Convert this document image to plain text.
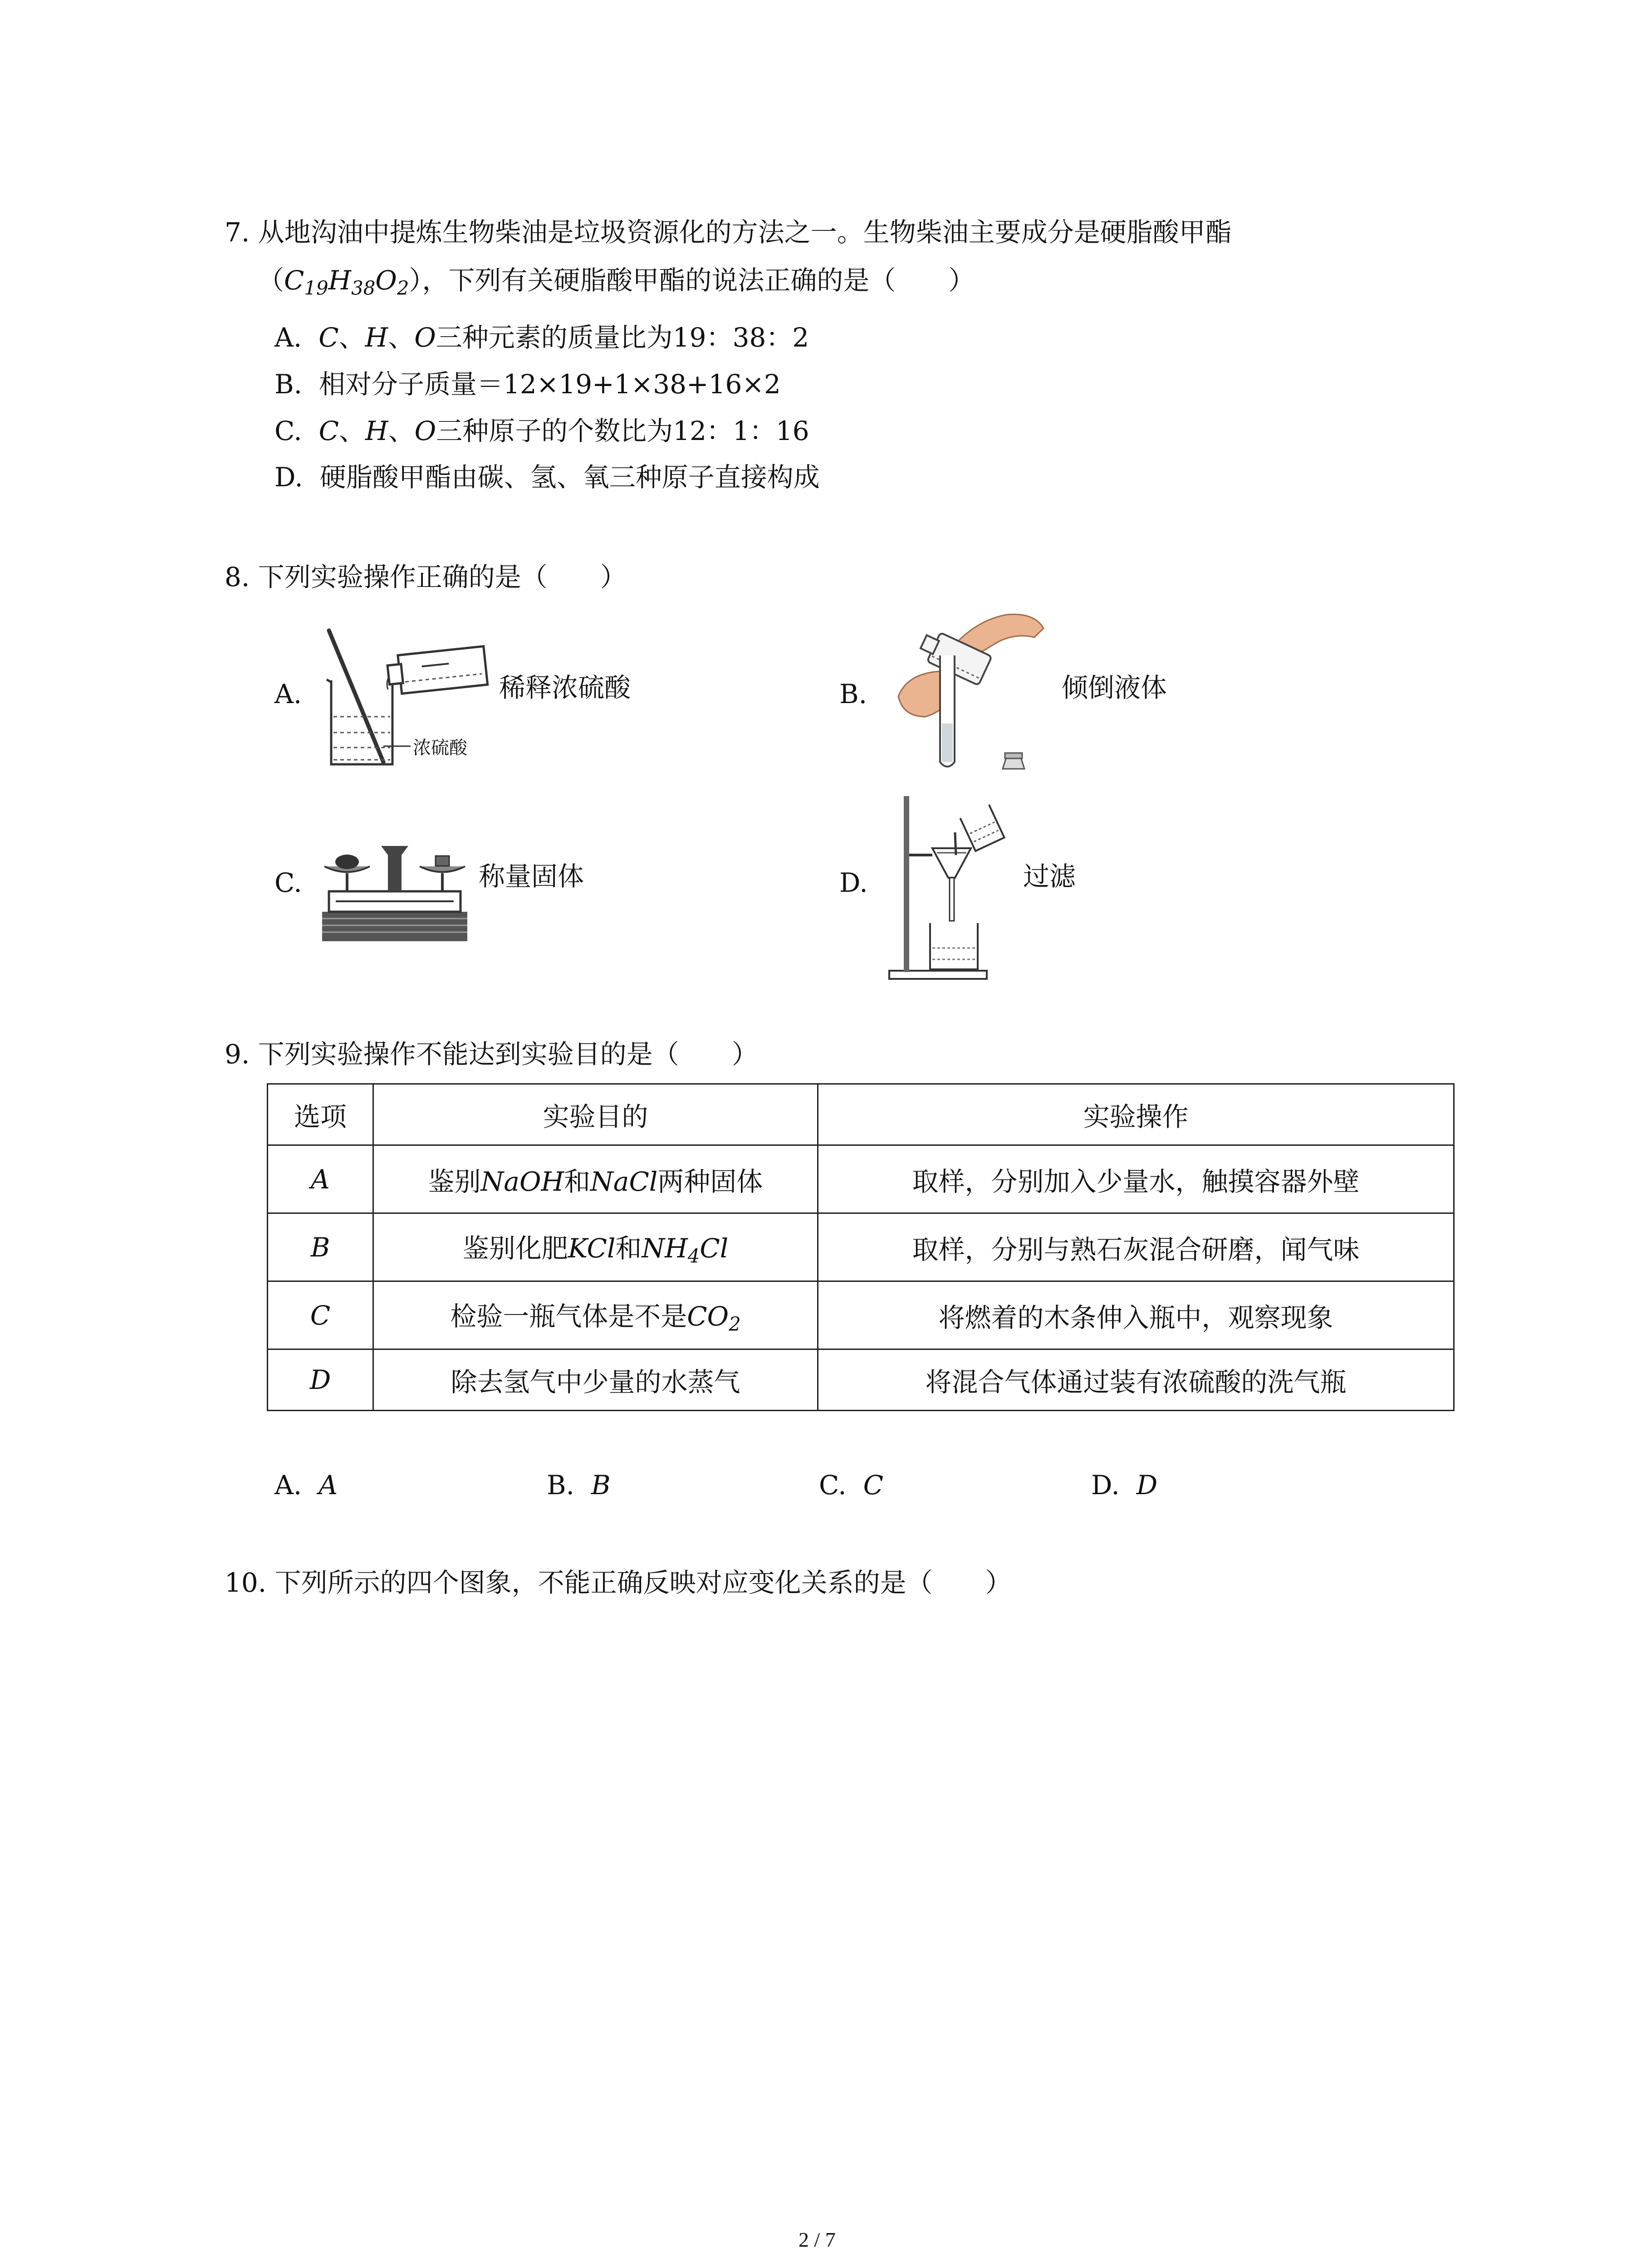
7. 从地沟油中提炼生物柴油是垃圾资源化的方法之一。生物柴油主要成分是硬脂酸甲酯
$(C_{19}H_{38}O_2)$，下列有关硬脂酸甲酯的说法正确的是（　　）
A. C、H、O三种元素的质量比为19：38：2
B. 相对分子质量＝12×19+1×38+16×2
C. C、H、O三种原子的个数比为12：1：16
D. 硬脂酸甲酯由碳、氢、氧三种原子直接构成
8. 下列实验操作正确的是（　　）
A.
浓硫酸
稀释浓硫酸	B.	倾倒液体
C.	称量固体	D.	过滤
9. 下列实验操作不能达到实验目的是（　　）
选项	实验目的	实验操作
A	鉴别NaOH和NaCl两种固体	取样，分别加入少量水，触摸容器外壁
B	鉴别化肥KCl和$NH_4Cl$	取样，分别与熟石灰混合研磨，闻气味
C	检验一瓶气体是不是$CO_2$	将燃着的木条伸入瓶中，观察现象
D	除去氢气中少量的水蒸气	将混合气体通过装有浓硫酸的洗气瓶
A. A	B. B	C. C	D. D
10. 下列所示的四个图象，不能正确反映对应变化关系的是（　　）
2 / 7
